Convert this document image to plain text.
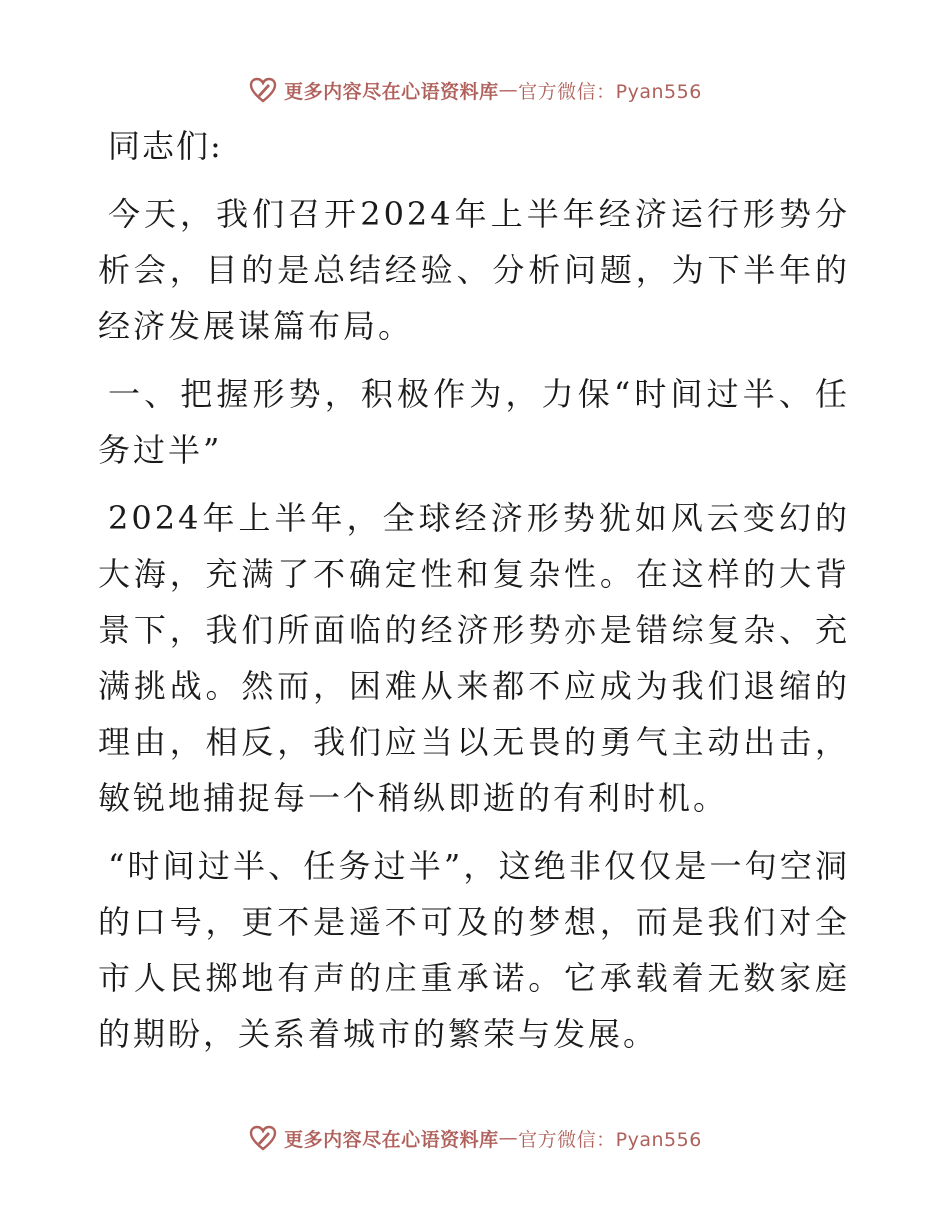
更多内容尽在心语资料库 — 官方微信：Pyan556
同志们:

今天，我们召开2024年上半年经济运行形势分析会，目的是总结经验、分析问题，为下半年的经济发展谋篇布局。

一、把握形势，积极作为，力保“时间过半、任务过半”

2024年上半年，全球经济形势犹如风云变幻的大海，充满了不确定性和复杂性。在这样的大背景下，我们所面临的经济形势亦是错综复杂、充满挑战。然而，困难从来都不应成为我们退缩的理由，相反，我们应当以无畏的勇气主动出击，敏锐地捕捉每一个稍纵即逝的有利时机。

“时间过半、任务过半”，这绝非仅仅是一句空洞的口号，更不是遥不可及的梦想，而是我们对全市人民掷地有声的庄重承诺。它承载着无数家庭的期盼，关系着城市的繁荣与发展。

更多内容尽在心语资料库 — 官方微信：Pyan556
